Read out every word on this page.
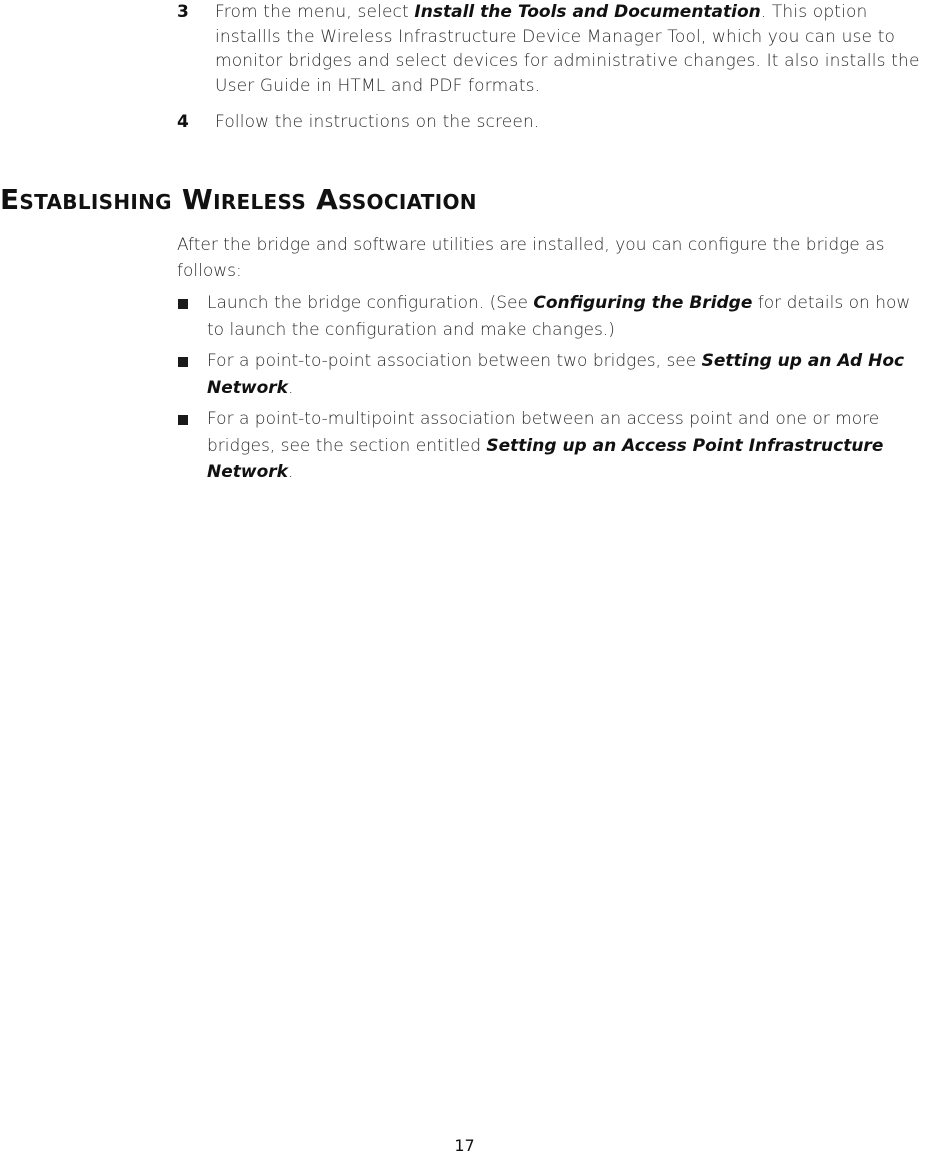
3 From the menu, select Install the Tools and Documentation. This option installls the Wireless Infrastructure Device Manager Tool, which you can use to monitor bridges and select devices for administrative changes. It also installs the User Guide in HTML and PDF formats.
4 Follow the instructions on the screen.
Establishing Wireless Association

After the bridge and software utilities are installed, you can configure the bridge as follows:

Launch the bridge configuration. (See Configuring the Bridge for details on how to launch the configuration and make changes.)
For a point-to-point association between two bridges, see Setting up an Ad Hoc Network.
For a point-to-multipoint association between an access point and one or more bridges, see the section entitled Setting up an Access Point Infrastructure Network.
17
